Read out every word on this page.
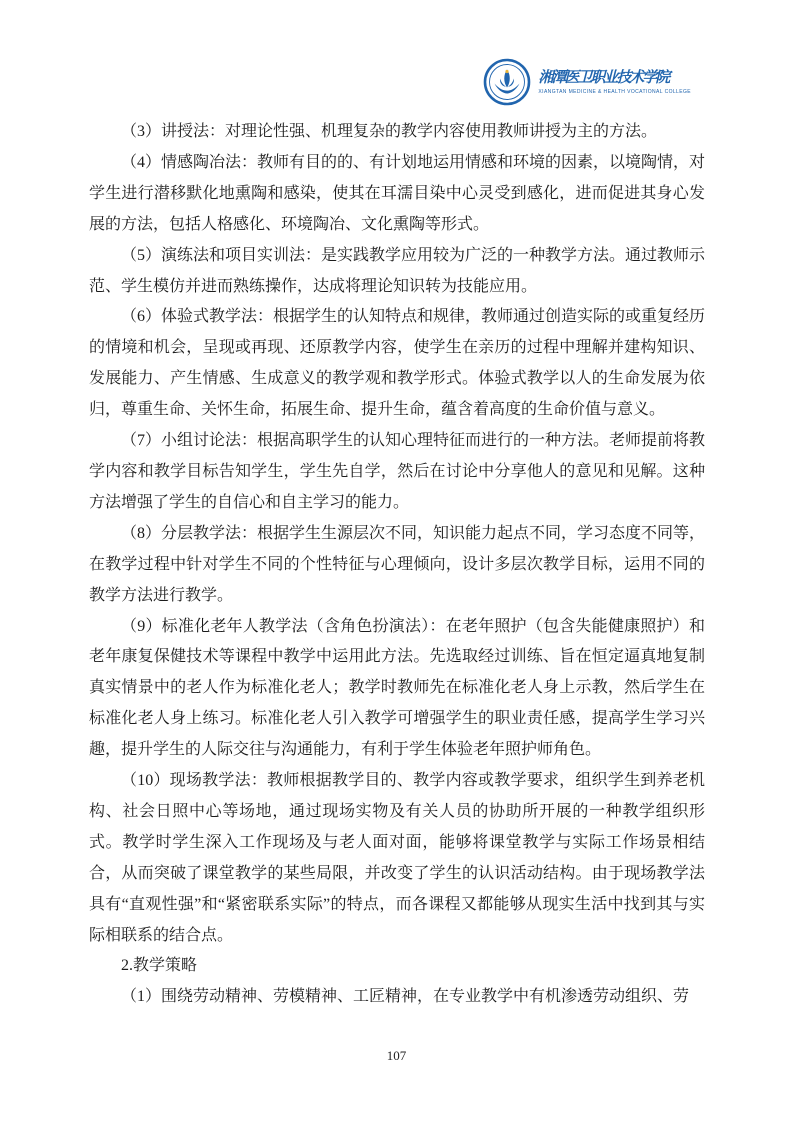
湘潭医卫职业技术学院
XIANGTAN MEDICINE & HEALTH VOCATIONAL COLLEGE

（3）讲授法：对理论性强、机理复杂的教学内容使用教师讲授为主的方法。

（4）情感陶冶法：教师有目的的、有计划地运用情感和环境的因素，以境陶情，对学生进行潜移默化地熏陶和感染，使其在耳濡目染中心灵受到感化，进而促进其身心发展的方法，包括人格感化、环境陶冶、文化熏陶等形式。

（5）演练法和项目实训法：是实践教学应用较为广泛的一种教学方法。通过教师示范、学生模仿并进而熟练操作，达成将理论知识转为技能应用。

（6）体验式教学法：根据学生的认知特点和规律，教师通过创造实际的或重复经历的情境和机会，呈现或再现、还原教学内容，使学生在亲历的过程中理解并建构知识、发展能力、产生情感、生成意义的教学观和教学形式。体验式教学以人的生命发展为依归，尊重生命、关怀生命，拓展生命、提升生命，蕴含着高度的生命价值与意义。

（7）小组讨论法：根据高职学生的认知心理特征而进行的一种方法。老师提前将教学内容和教学目标告知学生，学生先自学，然后在讨论中分享他人的意见和见解。这种方法增强了学生的自信心和自主学习的能力。

（8）分层教学法：根据学生生源层次不同，知识能力起点不同，学习态度不同等，在教学过程中针对学生不同的个性特征与心理倾向，设计多层次教学目标，运用不同的教学方法进行教学。

（9）标准化老年人教学法（含角色扮演法）：在老年照护（包含失能健康照护）和老年康复保健技术等课程中教学中运用此方法。先选取经过训练、旨在恒定逼真地复制真实情景中的老人作为标准化老人；教学时教师先在标准化老人身上示教，然后学生在标准化老人身上练习。标准化老人引入教学可增强学生的职业责任感，提高学生学习兴趣，提升学生的人际交往与沟通能力，有利于学生体验老年照护师角色。

（10）现场教学法：教师根据教学目的、教学内容或教学要求，组织学生到养老机构、社会日照中心等场地，通过现场实物及有关人员的协助所开展的一种教学组织形式。教学时学生深入工作现场及与老人面对面，能够将课堂教学与实际工作场景相结合，从而突破了课堂教学的某些局限，并改变了学生的认识活动结构。由于现场教学法具有“直观性强”和“紧密联系实际”的特点，而各课程又都能够从现实生活中找到其与实际相联系的结合点。

2.教学策略

（1）围绕劳动精神、劳模精神、工匠精神，在专业教学中有机渗透劳动组织、劳

107
